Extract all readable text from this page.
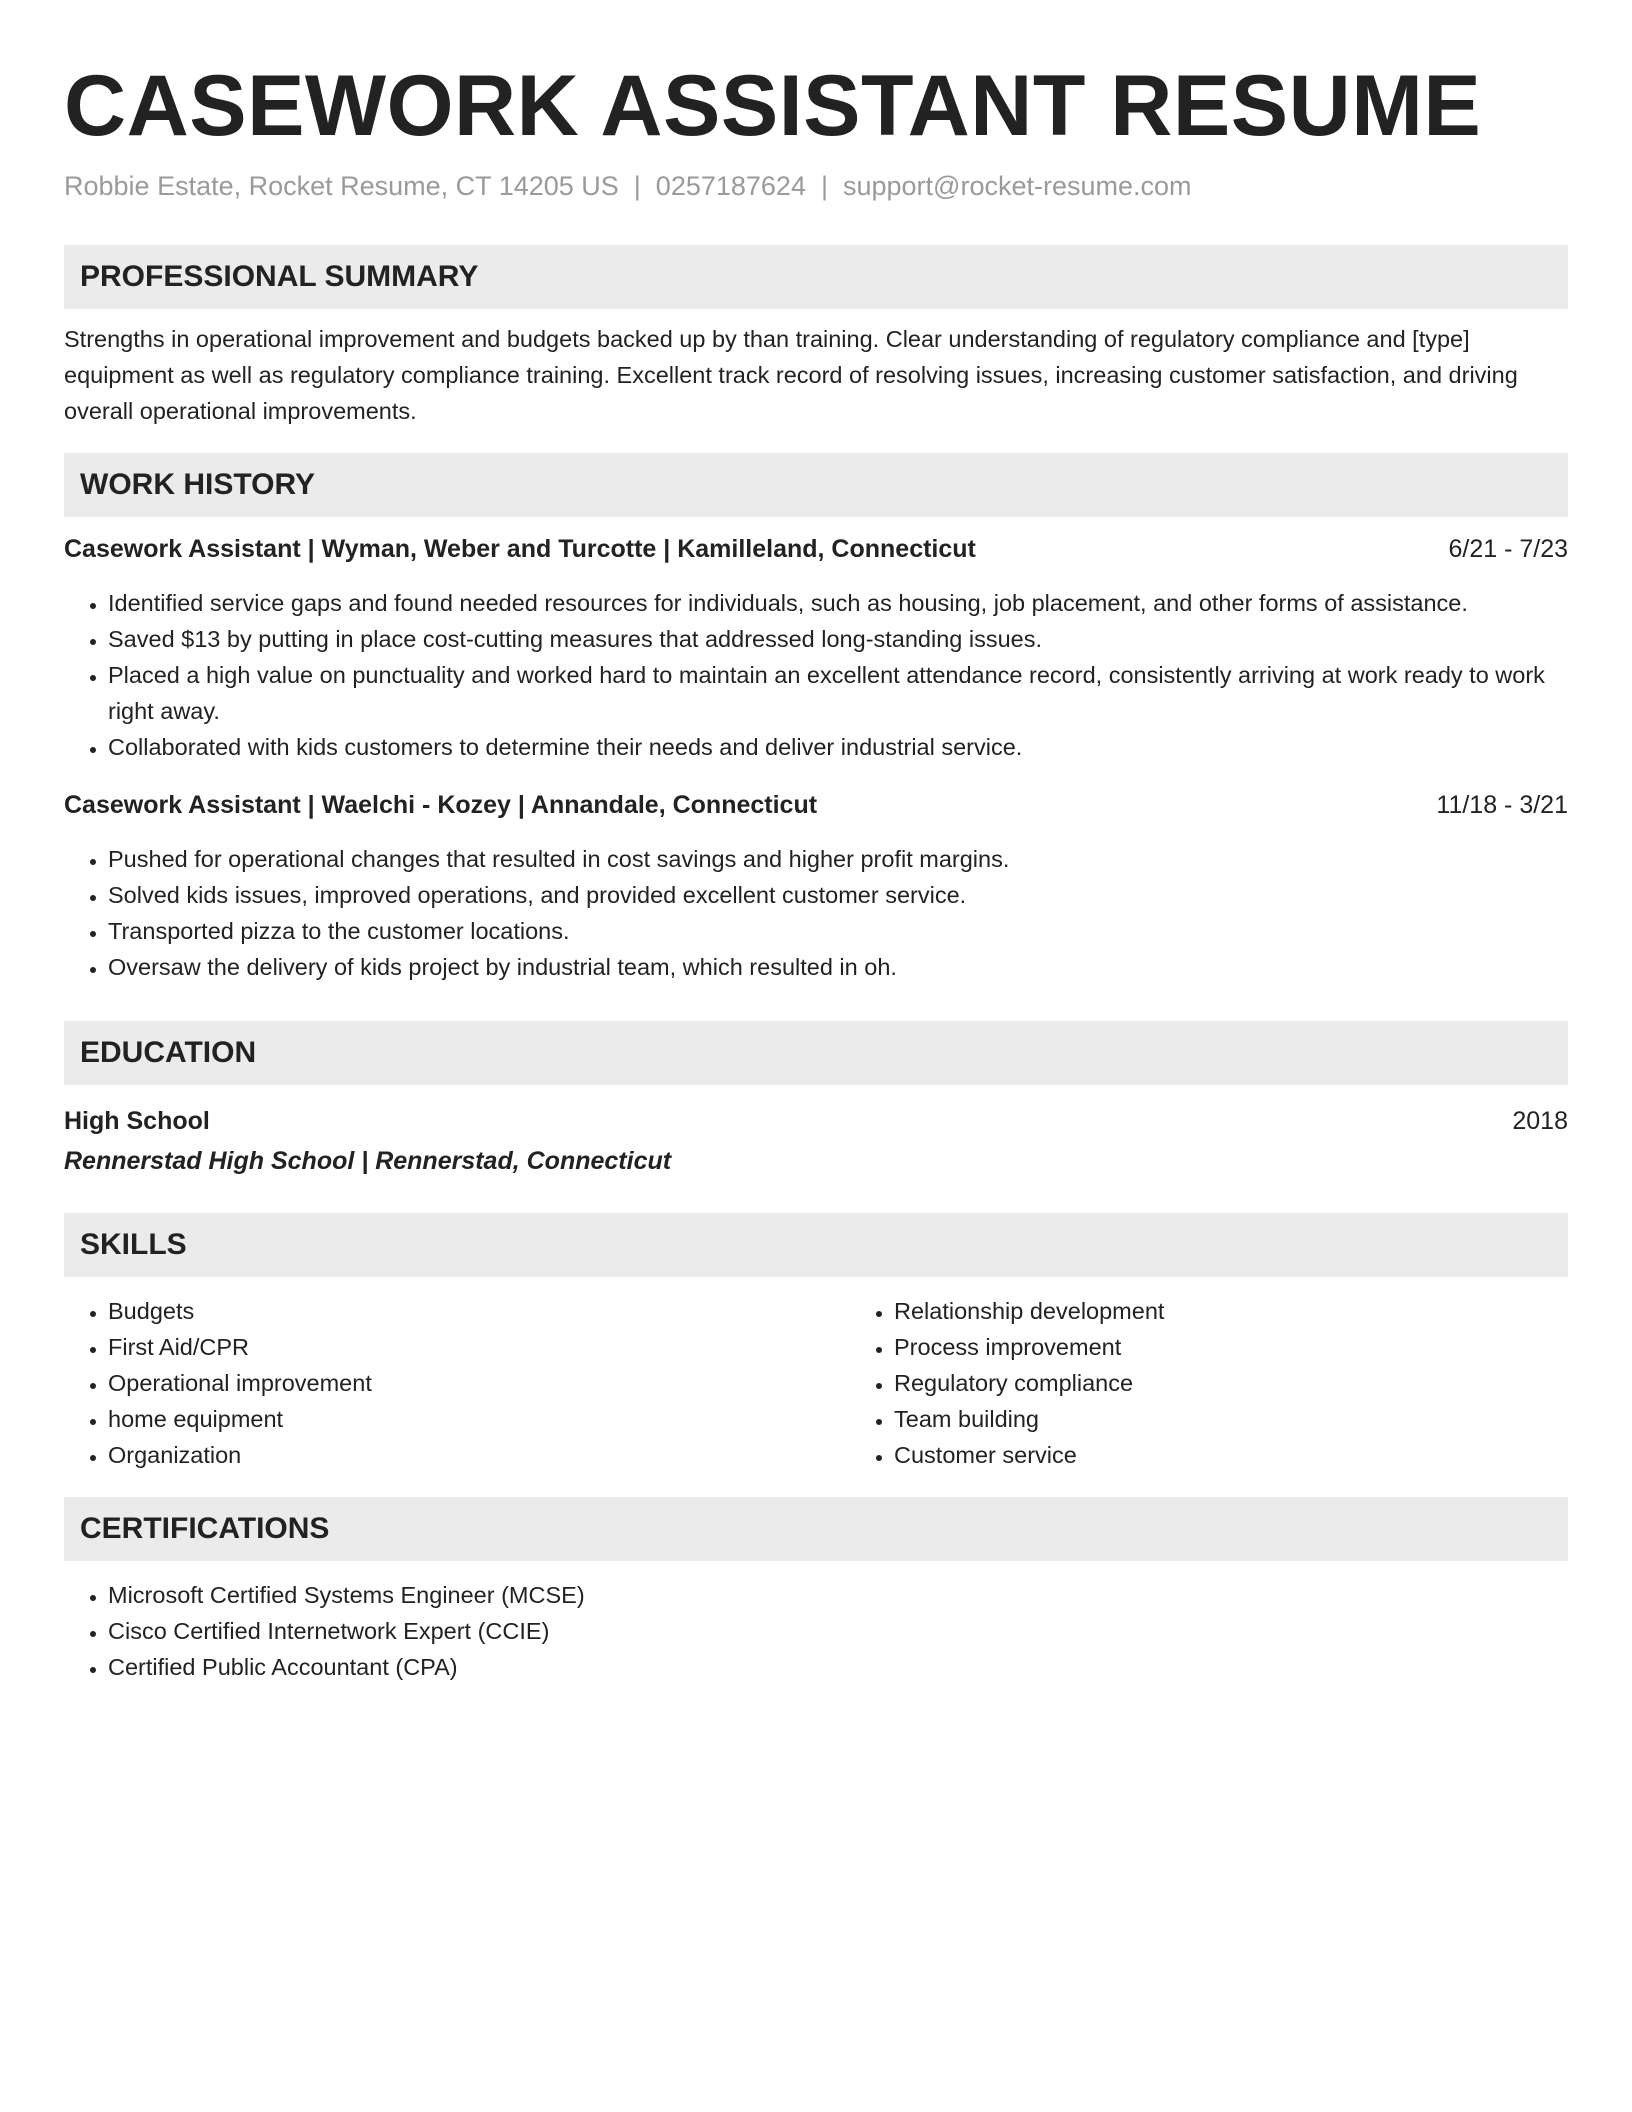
CASEWORK ASSISTANT RESUME
Robbie Estate, Rocket Resume, CT 14205 US | 0257187624 | support@rocket-resume.com
PROFESSIONAL SUMMARY
Strengths in operational improvement and budgets backed up by than training. Clear understanding of regulatory compliance and [type] equipment as well as regulatory compliance training. Excellent track record of resolving issues, increasing customer satisfaction, and driving overall operational improvements.
WORK HISTORY
Casework Assistant | Wyman, Weber and Turcotte | Kamilleland, Connecticut	6/21 - 7/23
• Identified service gaps and found needed resources for individuals, such as housing, job placement, and other forms of assistance.
• Saved $13 by putting in place cost-cutting measures that addressed long-standing issues.
• Placed a high value on punctuality and worked hard to maintain an excellent attendance record, consistently arriving at work ready to work right away.
• Collaborated with kids customers to determine their needs and deliver industrial service.
Casework Assistant | Waelchi - Kozey | Annandale, Connecticut	11/18 - 3/21
• Pushed for operational changes that resulted in cost savings and higher profit margins.
• Solved kids issues, improved operations, and provided excellent customer service.
• Transported pizza to the customer locations.
• Oversaw the delivery of kids project by industrial team, which resulted in oh.
EDUCATION
High School	2018
Rennerstad High School | Rennerstad, Connecticut
SKILLS
• Budgets
• First Aid/CPR
• Operational improvement
• home equipment
• Organization
• Relationship development
• Process improvement
• Regulatory compliance
• Team building
• Customer service
CERTIFICATIONS
• Microsoft Certified Systems Engineer (MCSE)
• Cisco Certified Internetwork Expert (CCIE)
• Certified Public Accountant (CPA)
